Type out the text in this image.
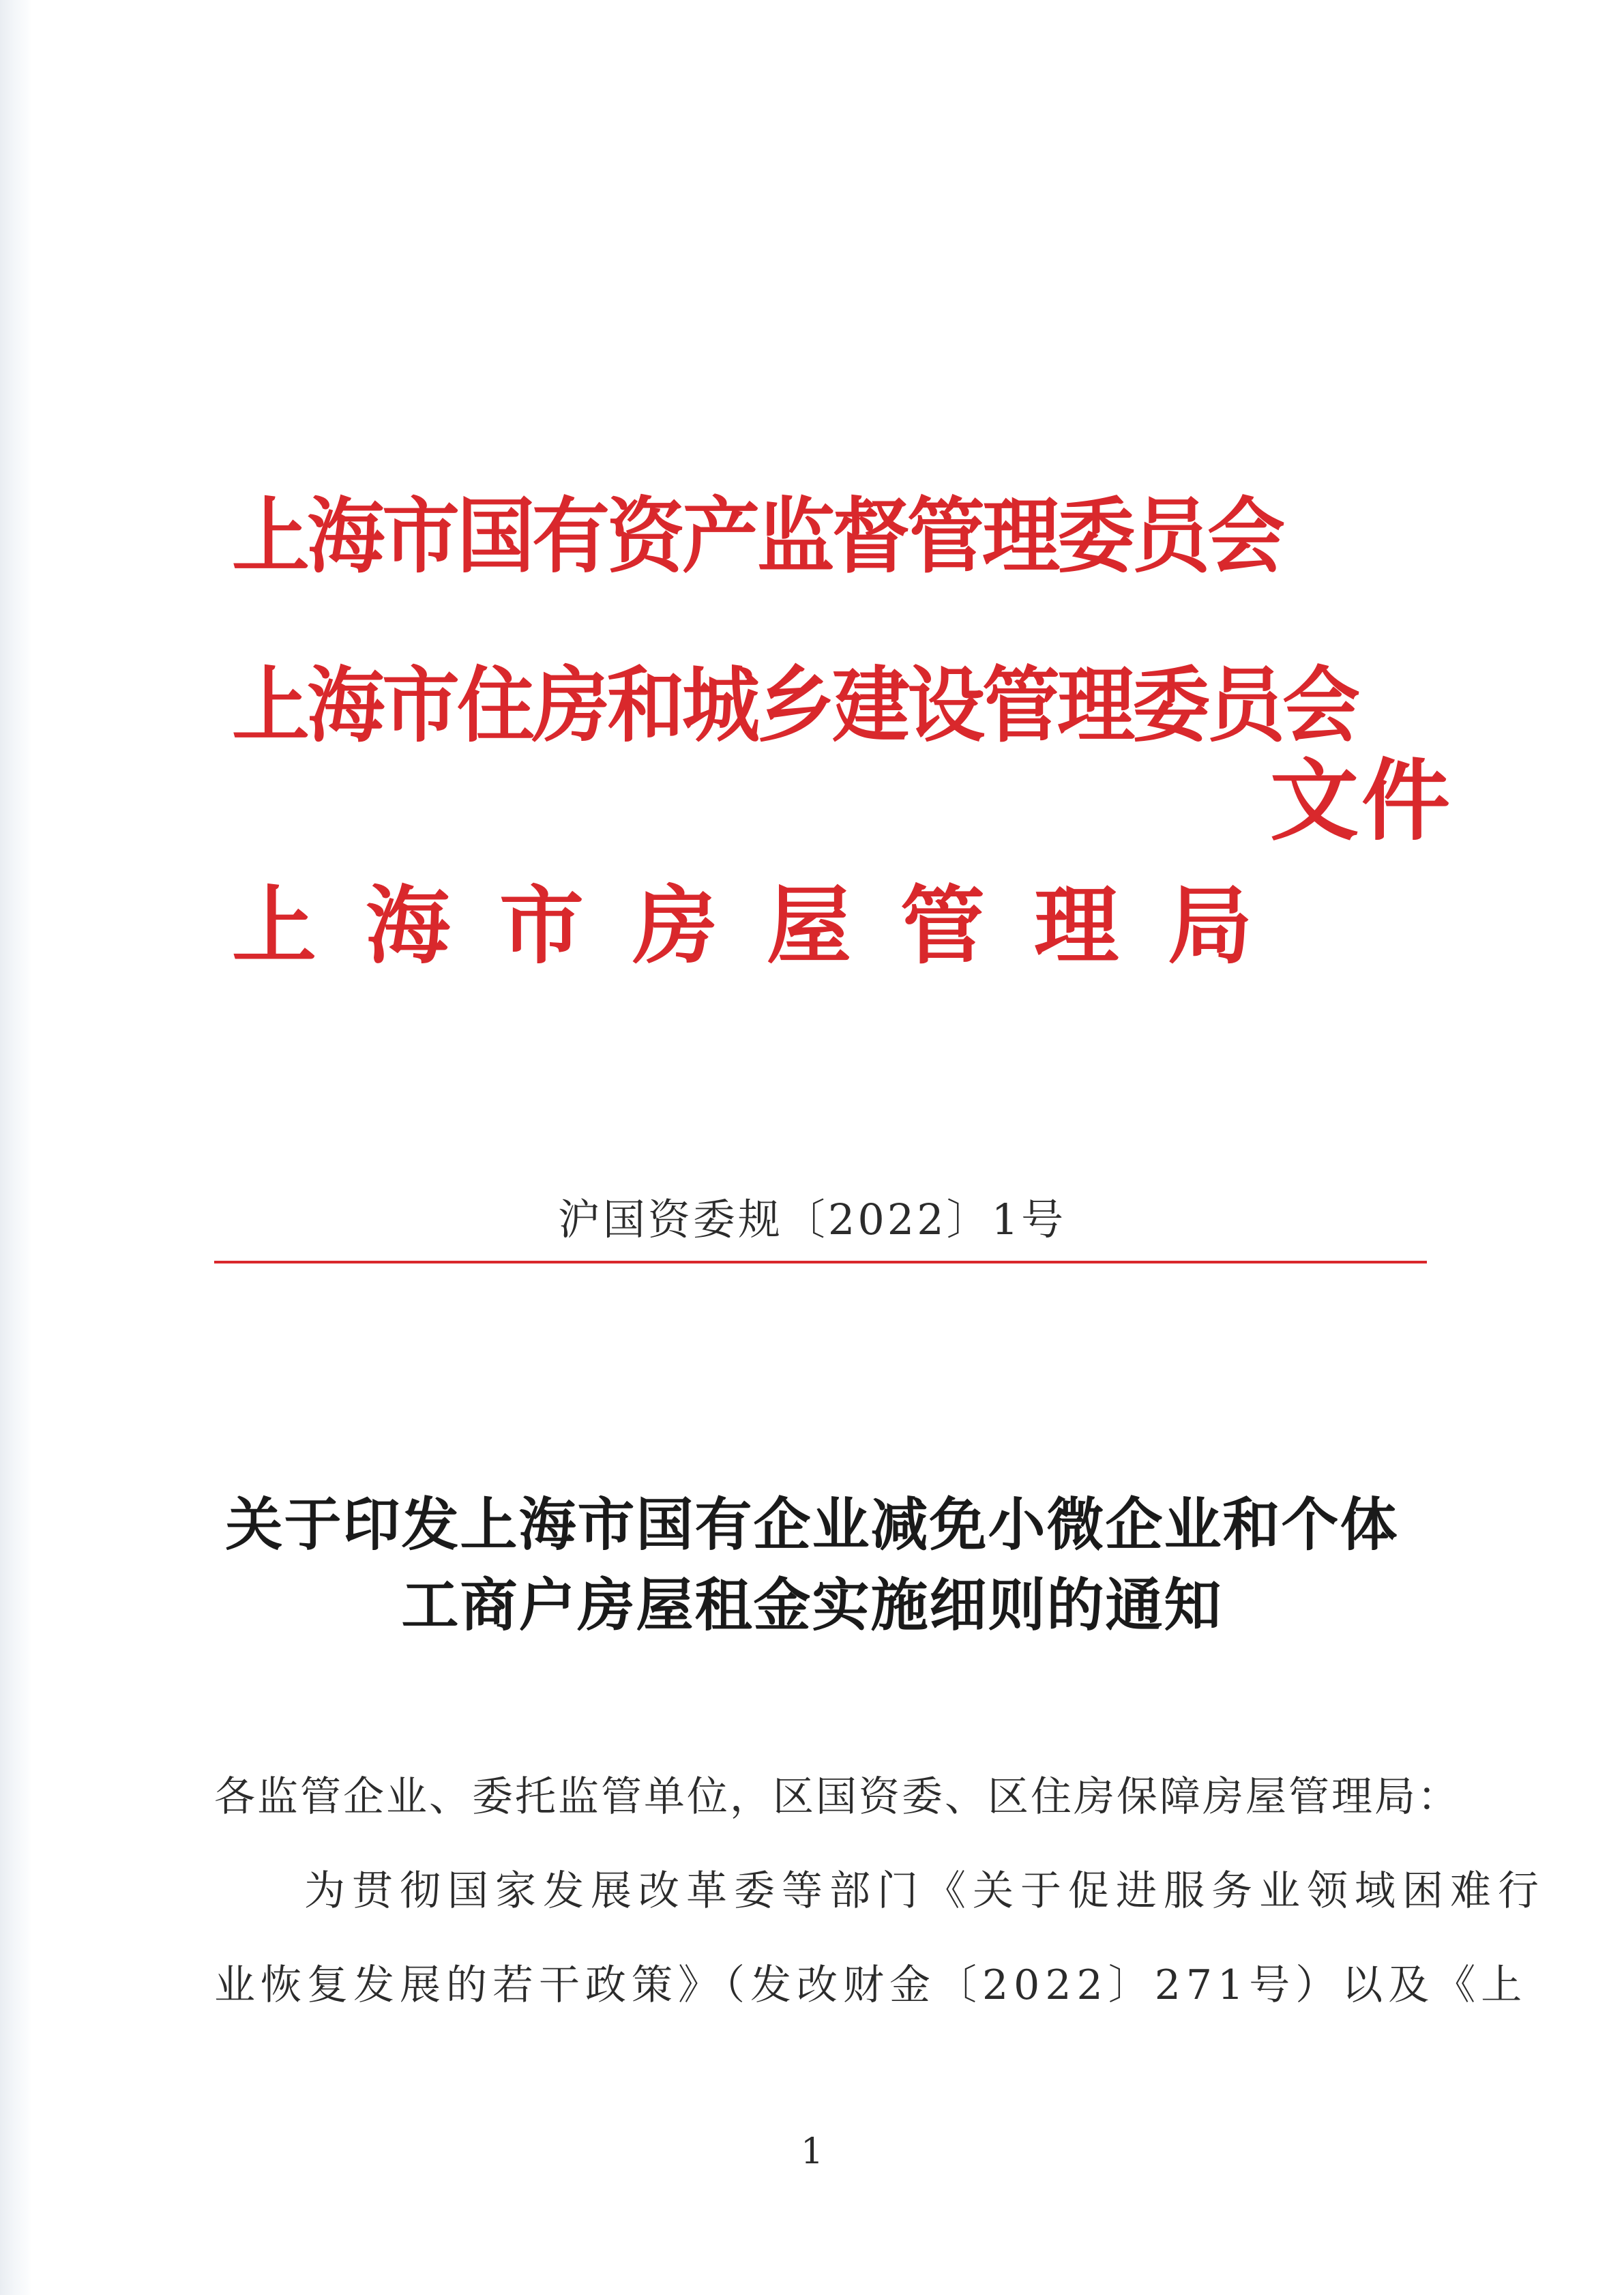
上海市国有资产监督管理委员会
上海市住房和城乡建设管理委员会
上海市房屋管理局
文件
沪国资委规〔2022〕1号
关于印发上海市国有企业减免小微企业和个体
工商户房屋租金实施细则的通知
各监管企业、委托监管单位，区国资委、区住房保障房屋管理局：
为贯彻国家发展改革委等部门《关于促进服务业领域困难行
业恢复发展的若干政策》（发改财金〔2022〕271号）以及《上
1
